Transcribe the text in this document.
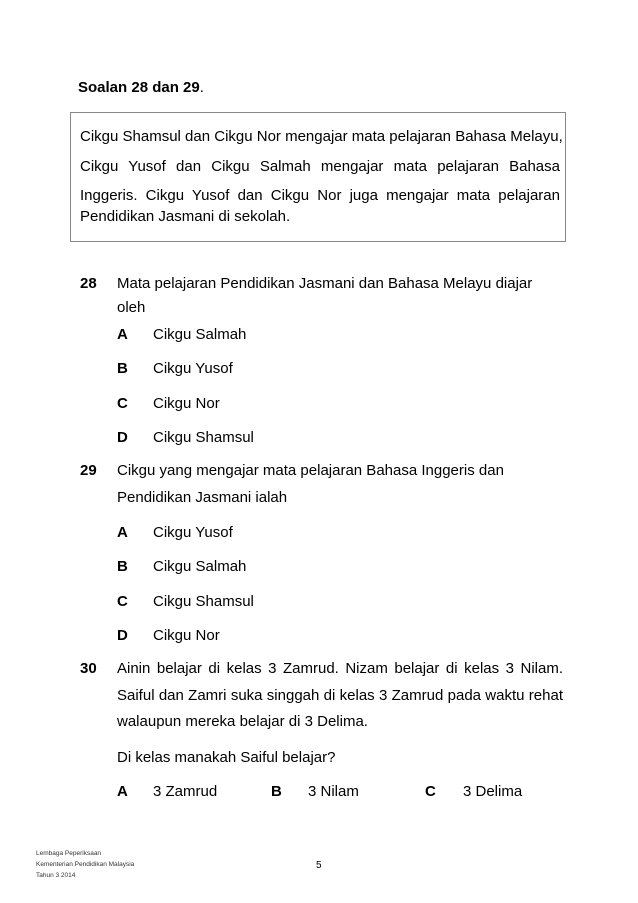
Soalan 28 dan 29.
Cikgu Shamsul dan Cikgu Nor mengajar mata pelajaran Bahasa Melayu,
Cikgu Yusof dan Cikgu Salmah mengajar mata pelajaran Bahasa
Inggeris. Cikgu Yusof dan Cikgu Nor juga mengajar mata pelajaran
Pendidikan Jasmani di sekolah.
28 Mata pelajaran Pendidikan Jasmani dan Bahasa Melayu diajar
oleh
A Cikgu Salmah
B Cikgu Yusof
C Cikgu Nor
D Cikgu Shamsul
29 Cikgu yang mengajar mata pelajaran Bahasa Inggeris dan
Pendidikan Jasmani ialah
A Cikgu Yusof
B Cikgu Salmah
C Cikgu Shamsul
D Cikgu Nor
30 Ainin belajar di kelas 3 Zamrud. Nizam belajar di kelas 3 Nilam.
Saiful dan Zamri suka singgah di kelas 3 Zamrud pada waktu rehat
walaupun mereka belajar di 3 Delima.
Di kelas manakah Saiful belajar?
A 3 Zamrud	B 3 Nilam	C 3 Delima
Lembaga Peperiksaan
Kementerian Pendidikan Malaysia
Tahun 3 2014
5
